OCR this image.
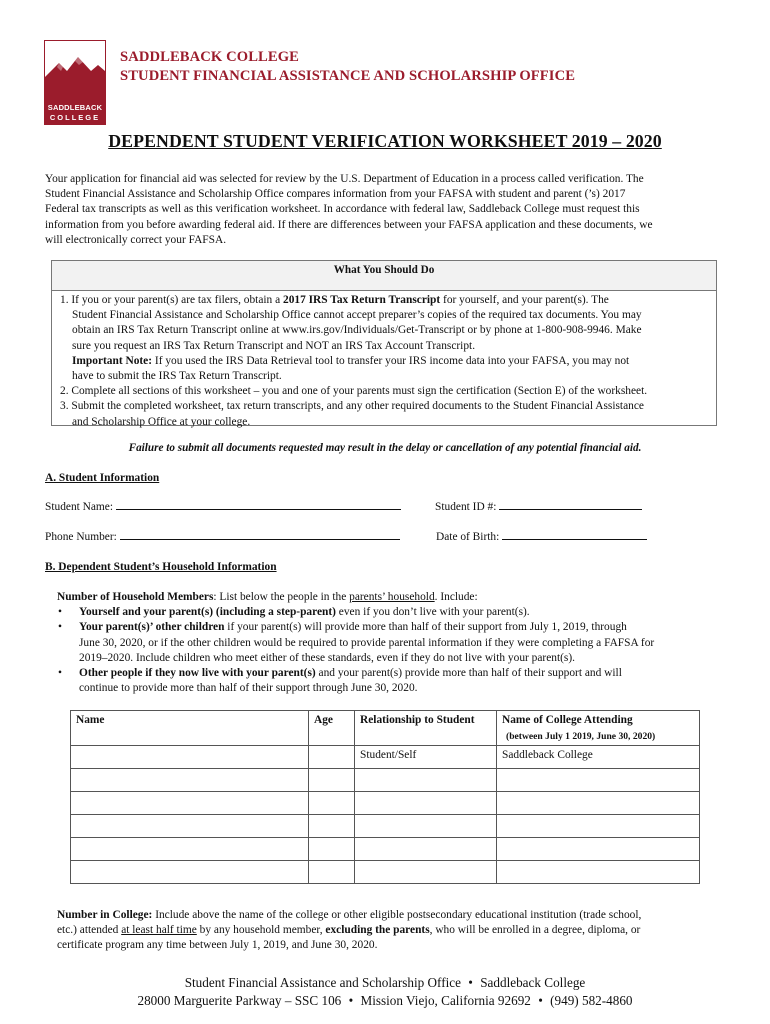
SADDLEBACK
COLLEGE
SADDLEBACK COLLEGE
STUDENT FINANCIAL ASSISTANCE AND SCHOLARSHIP OFFICE
DEPENDENT STUDENT VERIFICATION WORKSHEET 2019 – 2020
Your application for financial aid was selected for review by the U.S. Department of Education in a process called verification. The
Student Financial Assistance and Scholarship Office compares information from your FAFSA with student and parent (’s) 2017
Federal tax transcripts as well as this verification worksheet. In accordance with federal law, Saddleback College must request this
information from you before awarding federal aid. If there are differences between your FAFSA application and these documents, we
will electronically correct your FAFSA.
What You Should Do
1. If you or your parent(s) are tax filers, obtain a 2017 IRS Tax Return Transcript for yourself, and your parent(s). The
Student Financial Assistance and Scholarship Office cannot accept preparer’s copies of the required tax documents. You may
obtain an IRS Tax Return Transcript online at www.irs.gov/Individuals/Get-Transcript or by phone at 1-800-908-9946. Make
sure you request an IRS Tax Return Transcript and NOT an IRS Tax Account Transcript.
Important Note: If you used the IRS Data Retrieval tool to transfer your IRS income data into your FAFSA, you may not
have to submit the IRS Tax Return Transcript.
2. Complete all sections of this worksheet – you and one of your parents must sign the certification (Section E) of the worksheet.
3. Submit the completed worksheet, tax return transcripts, and any other required documents to the Student Financial Assistance
and Scholarship Office at your college.
Failure to submit all documents requested may result in the delay or cancellation of any potential financial aid.
A. Student Information
Student Name:	Student ID #:
Phone Number:	Date of Birth:
B. Dependent Student’s Household Information
Number of Household Members: List below the people in the parents’ household. Include:
• Yourself and your parent(s) (including a step-parent) even if you don’t live with your parent(s).
• Your parent(s)’ other children if your parent(s) will provide more than half of their support from July 1, 2019, through
June 30, 2020, or if the other children would be required to provide parental information if they were completing a FAFSA for
2019–2020. Include children who meet either of these standards, even if they do not live with your parent(s).
• Other people if they now live with your parent(s) and your parent(s) provide more than half of their support and will
continue to provide more than half of their support through June 30, 2020.
Name	Age	Relationship to Student	Name of College Attending
(between July 1 2019, June 30, 2020)

		Student/Self	Saddleback College

Number in College: Include above the name of the college or other eligible postsecondary educational institution (trade school,
etc.) attended at least half time by any household member, excluding the parents, who will be enrolled in a degree, diploma, or
certificate program any time between July 1, 2019, and June 30, 2020.
Student Financial Assistance and Scholarship Office • Saddleback College
28000 Marguerite Parkway – SSC 106 • Mission Viejo, California 92692 • (949) 582-4860
